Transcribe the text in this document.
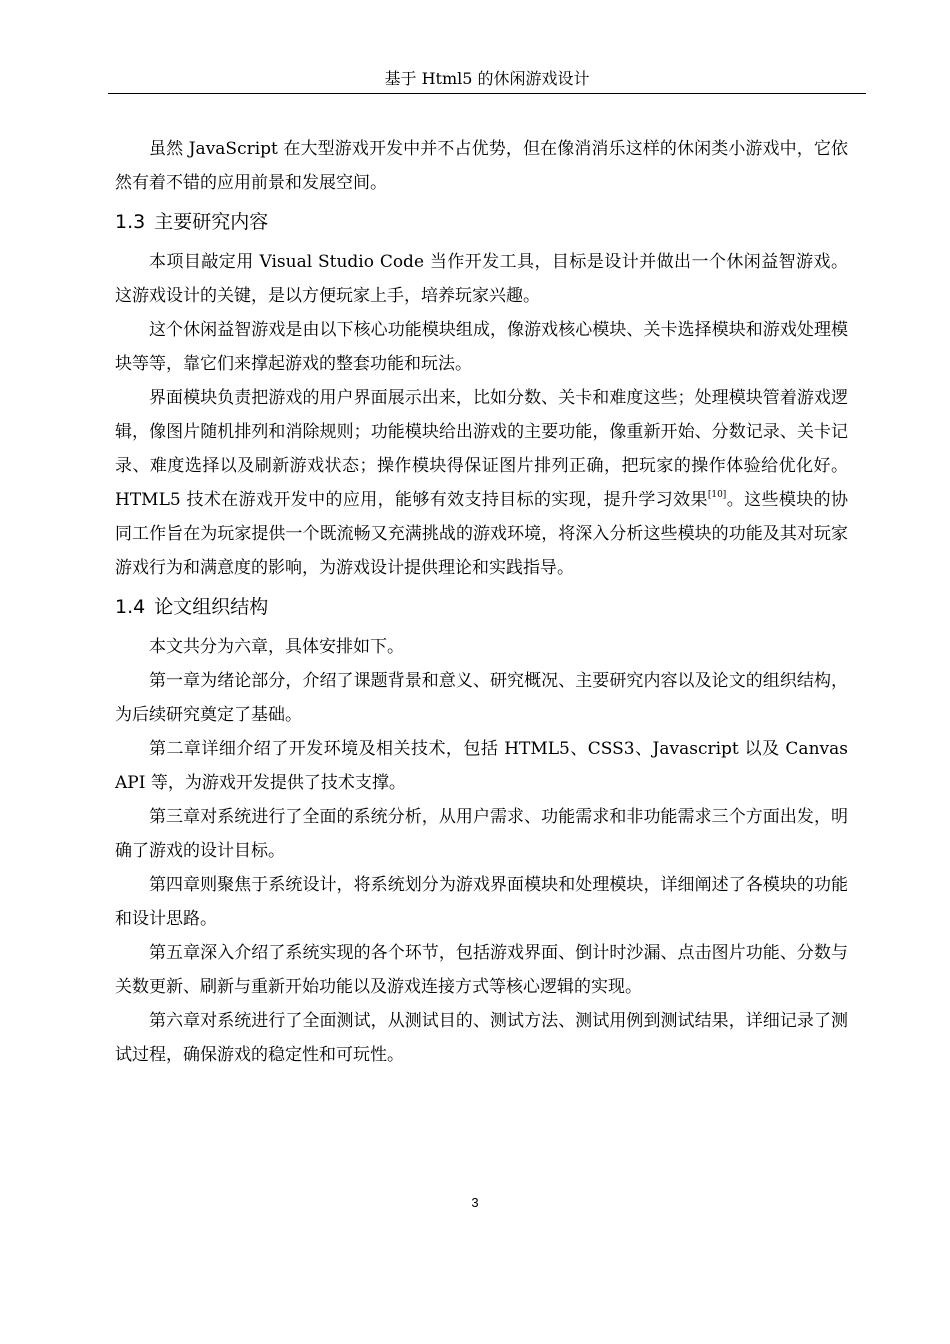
基于 Html5 的休闲游戏设计

虽然 JavaScript 在大型游戏开发中并不占优势，但在像消消乐这样的休闲类小游戏中，它依然有着不错的应用前景和发展空间。

1.3 主要研究内容

本项目敲定用 Visual Studio Code 当作开发工具，目标是设计并做出一个休闲益智游戏。这游戏设计的关键，是以方便玩家上手，培养玩家兴趣。

这个休闲益智游戏是由以下核心功能模块组成，像游戏核心模块、关卡选择模块和游戏处理模块等等，靠它们来撑起游戏的整套功能和玩法。

界面模块负责把游戏的用户界面展示出来，比如分数、关卡和难度这些；处理模块管着游戏逻辑，像图片随机排列和消除规则；功能模块给出游戏的主要功能，像重新开始、分数记录、关卡记录、难度选择以及刷新游戏状态；操作模块得保证图片排列正确，把玩家的操作体验给优化好。HTML5 技术在游戏开发中的应用，能够有效支持目标的实现，提升学习效果[10]。这些模块的协同工作旨在为玩家提供一个既流畅又充满挑战的游戏环境，将深入分析这些模块的功能及其对玩家游戏行为和满意度的影响，为游戏设计提供理论和实践指导。

1.4 论文组织结构

本文共分为六章，具体安排如下。

第一章为绪论部分，介绍了课题背景和意义、研究概况、主要研究内容以及论文的组织结构，为后续研究奠定了基础。

第二章详细介绍了开发环境及相关技术，包括 HTML5、CSS3、Javascript 以及 Canvas API 等，为游戏开发提供了技术支撑。

第三章对系统进行了全面的系统分析，从用户需求、功能需求和非功能需求三个方面出发，明确了游戏的设计目标。

第四章则聚焦于系统设计，将系统划分为游戏界面模块和处理模块，详细阐述了各模块的功能和设计思路。

第五章深入介绍了系统实现的各个环节，包括游戏界面、倒计时沙漏、点击图片功能、分数与关数更新、刷新与重新开始功能以及游戏连接方式等核心逻辑的实现。

第六章对系统进行了全面测试，从测试目的、测试方法、测试用例到测试结果，详细记录了测试过程，确保游戏的稳定性和可玩性。

3
